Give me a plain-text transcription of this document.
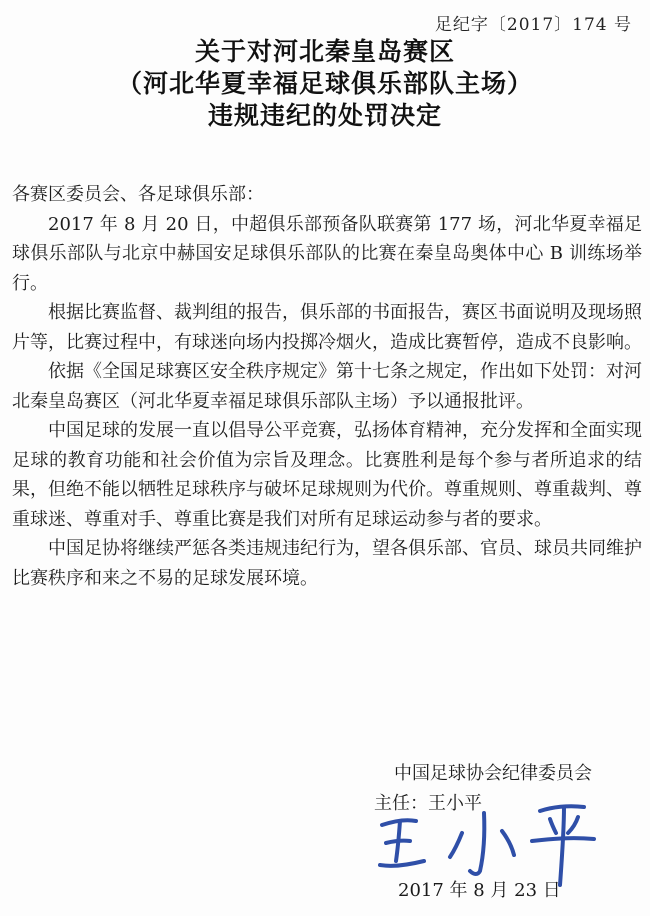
足纪字〔2017〕174 号
关于对河北秦皇岛赛区
（河北华夏幸福足球俱乐部队主场）
违规违纪的处罚决定

各赛区委员会、各足球俱乐部：

2017 年 8 月 20 日，中超俱乐部预备队联赛第 177 场，河北华夏幸福足球俱乐部队与北京中赫国安足球俱乐部队的比赛在秦皇岛奥体中心 B 训练场举行。

根据比赛监督、裁判组的报告，俱乐部的书面报告，赛区书面说明及现场照片等，比赛过程中，有球迷向场内投掷冷烟火，造成比赛暂停，造成不良影响。

依据《全国足球赛区安全秩序规定》第十七条之规定，作出如下处罚：对河北秦皇岛赛区（河北华夏幸福足球俱乐部队主场）予以通报批评。

中国足球的发展一直以倡导公平竞赛，弘扬体育精神，充分发挥和全面实现足球的教育功能和社会价值为宗旨及理念。比赛胜利是每个参与者所追求的结果，但绝不能以牺牲足球秩序与破坏足球规则为代价。尊重规则、尊重裁判、尊重球迷、尊重对手、尊重比赛是我们对所有足球运动参与者的要求。

中国足协将继续严惩各类违规违纪行为，望各俱乐部、官员、球员共同维护比赛秩序和来之不易的足球发展环境。

中国足球协会纪律委员会
主任：王小平
2017 年 8 月 23 日
